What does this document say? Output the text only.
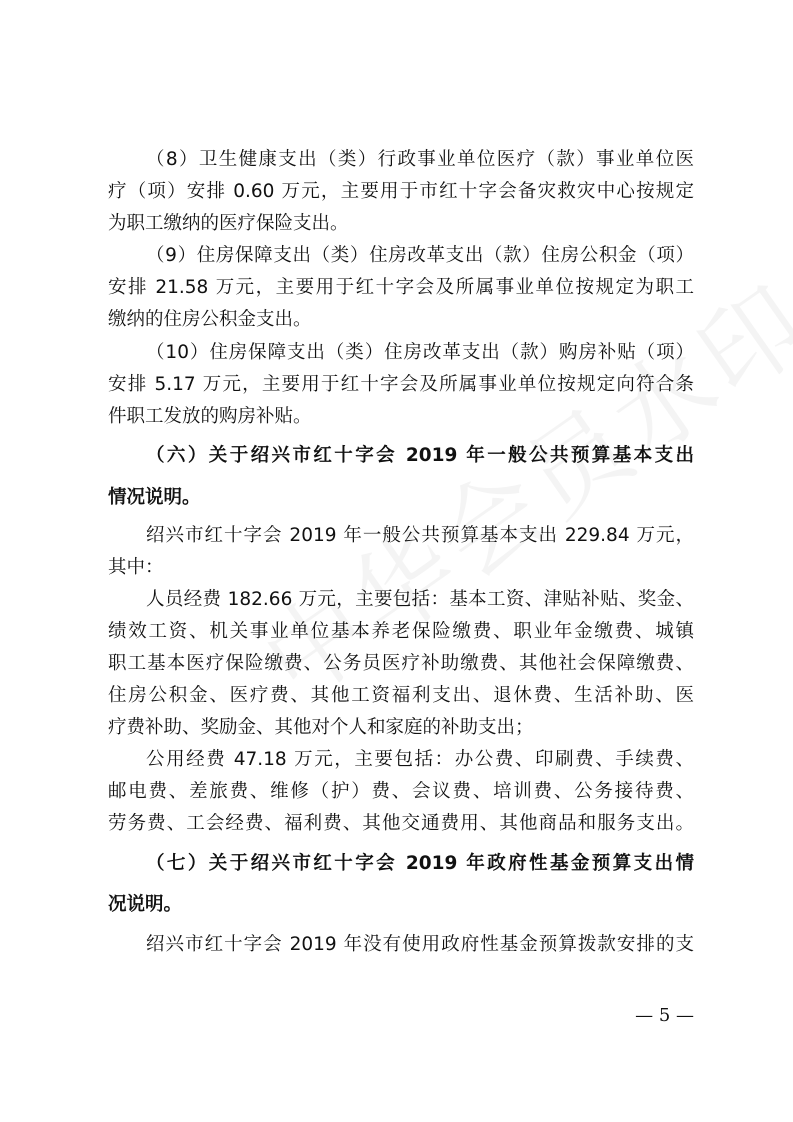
（8）卫生健康支出（类）行政事业单位医疗（款）事业单位医
疗（项）安排 0.60 万元，主要用于市红十字会备灾救灾中心按规定
为职工缴纳的医疗保险支出。
（9）住房保障支出（类）住房改革支出（款）住房公积金（项）
安排 21.58 万元，主要用于红十字会及所属事业单位按规定为职工
缴纳的住房公积金支出。
（10）住房保障支出（类）住房改革支出（款）购房补贴（项）
安排 5.17 万元，主要用于红十字会及所属事业单位按规定向符合条
件职工发放的购房补贴。
（六）关于绍兴市红十字会 2019 年一般公共预算基本支出
情况说明。
绍兴市红十字会 2019 年一般公共预算基本支出 229.84 万元，
其中：
人员经费 182.66 万元，主要包括：基本工资、津贴补贴、奖金、
绩效工资、机关事业单位基本养老保险缴费、职业年金缴费、城镇
职工基本医疗保险缴费、公务员医疗补助缴费、其他社会保障缴费、
住房公积金、医疗费、其他工资福利支出、退休费、生活补助、医
疗费补助、奖励金、其他对个人和家庭的补助支出；
公用经费 47.18 万元，主要包括：办公费、印刷费、手续费、
邮电费、差旅费、维修（护）费、会议费、培训费、公务接待费、
劳务费、工会经费、福利费、其他交通费用、其他商品和服务支出。
（七）关于绍兴市红十字会 2019 年政府性基金预算支出情
况说明。
绍兴市红十字会 2019 年没有使用政府性基金预算拨款安排的支
— 5 —
